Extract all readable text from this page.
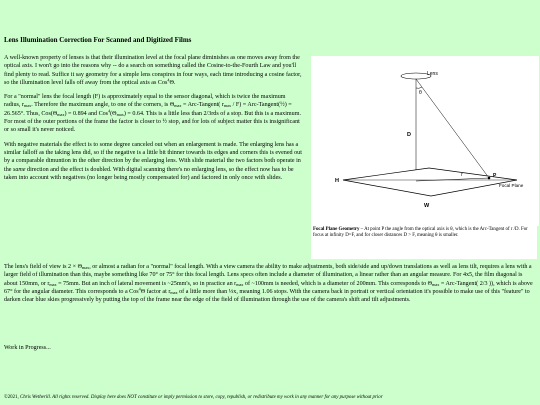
Lens Illumination Correction For Scanned and Digitized Films

A well-known property of lenses is that their illumination level at the focal plane diminishes as one moves away from the optical axis. I won't go into the reasons why -- do a search on something called the Cosine-to-the-Fourth Law and you'll find plenty to read. Suffice it say geometry for a simple lens conspires in four ways, each time introducing a cosine factor, so the illumination level falls off away from the optical axis as Cos$^4$Θ.

For a "normal" lens the focal length (F) is approximately equal to the sensor diagonal, which is twice the maximum radius, $r_{max}$. Therefore the maximum angle, to one of the corners, is $\Theta_{max}$ = Arc-Tangent( $r_{max} / F$) = Arc-Tangent(½) = 26.565°. Thus, $Cos(\Theta_{max}) = 0.894$ and $Cos^4(\Theta_{max}) = 0.64$. This is a little less than 2/3rds of a stop. But this is a maximum. For most of the outer portions of the frame the factor is closer to ½ stop, and for lots of subject matter this is insignificant or so small it's never noticed.

With negative materials the effect is to some degree canceled out when an enlargement is made. The enlarging lens has a similar falloff as the taking lens did, so if the negative is a little bit thinner towards its edges and corners this is evened out by a comparable dimuntion in the other direction by the enlarging lens. With slide material the two factors both operate in the same direction and the effect is doubled. With digital scanning there's no enlarging lens, so the effect now has to be taken into account with negatives (no longer being mostly compensated for) and factored in only once with slides.

Lens
θ
D
H
W
r	P
Focal Plane
Focal Plane Geometry – At point P the angle from the optical axis is θ, which is the Arc-Tangent of r /D. For focus at infinity D=F, and for closer distances D > F, meaning θ is smaller.
The lens's field of view is $2 \times \Theta_{max}$, or almost a radian for a "normal" focal length. With a view camera the ability to make adjustments, both side/side and up/down translations as well as lens tilt, requires a lens with a larger field of illumination than this, maybe something like 70° or 75° for this focal length. Lens specs often include a diameter of illumination, a linear rather than an angular measure. For 4x5, the film diagonal is about 150mm, or $r_{max} = 75mm$. But an inch of lateral movement is ~25mm's, so in practice an $r_{max}$ of ~100mm is needed, which is a diameter of 200mm. This corresponds to $\Theta_{max}$ = Arc-Tangent( 2/3 )), which is above 67° for the angular diameter. This corresponds to a Cos$^4$Θ factor at $r_{max}$ of a little more than ⅓x, meaning 1.06 stops. With the camera back in portrait or vertical orientation it's possible to make use of this "feature" to darken clear blue skies progressively by putting the top of the frame near the edge of the field of illumination through the use of the camera's shift and tilt adjustments.
Work in Progress...
©2021, Chris Wetherill. All rights reserved. Display here does NOT constitute or imply permission to store, copy, republish, or redistribute my work in any manner for any purpose without prior
